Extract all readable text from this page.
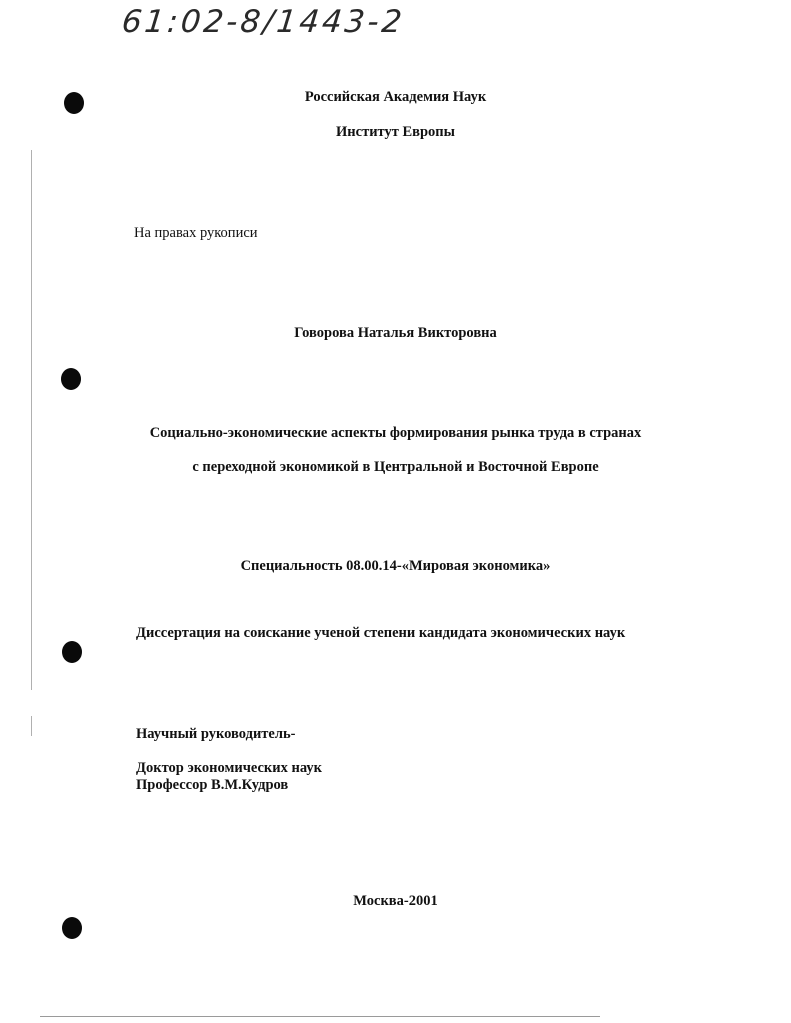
61:02-8/1443-2
Российская Академия Наук
Институт Европы
На правах рукописи
Говорова Наталья Викторовна
Социально-экономические аспекты формирования рынка труда в странах
с переходной экономикой в Центральной и Восточной Европе
Специальность 08.00.14-«Мировая экономика»
Диссертация на соискание ученой степени кандидата экономических наук
Научный руководитель-
Доктор экономических наук
Профессор В.М.Кудров
Москва-2001
